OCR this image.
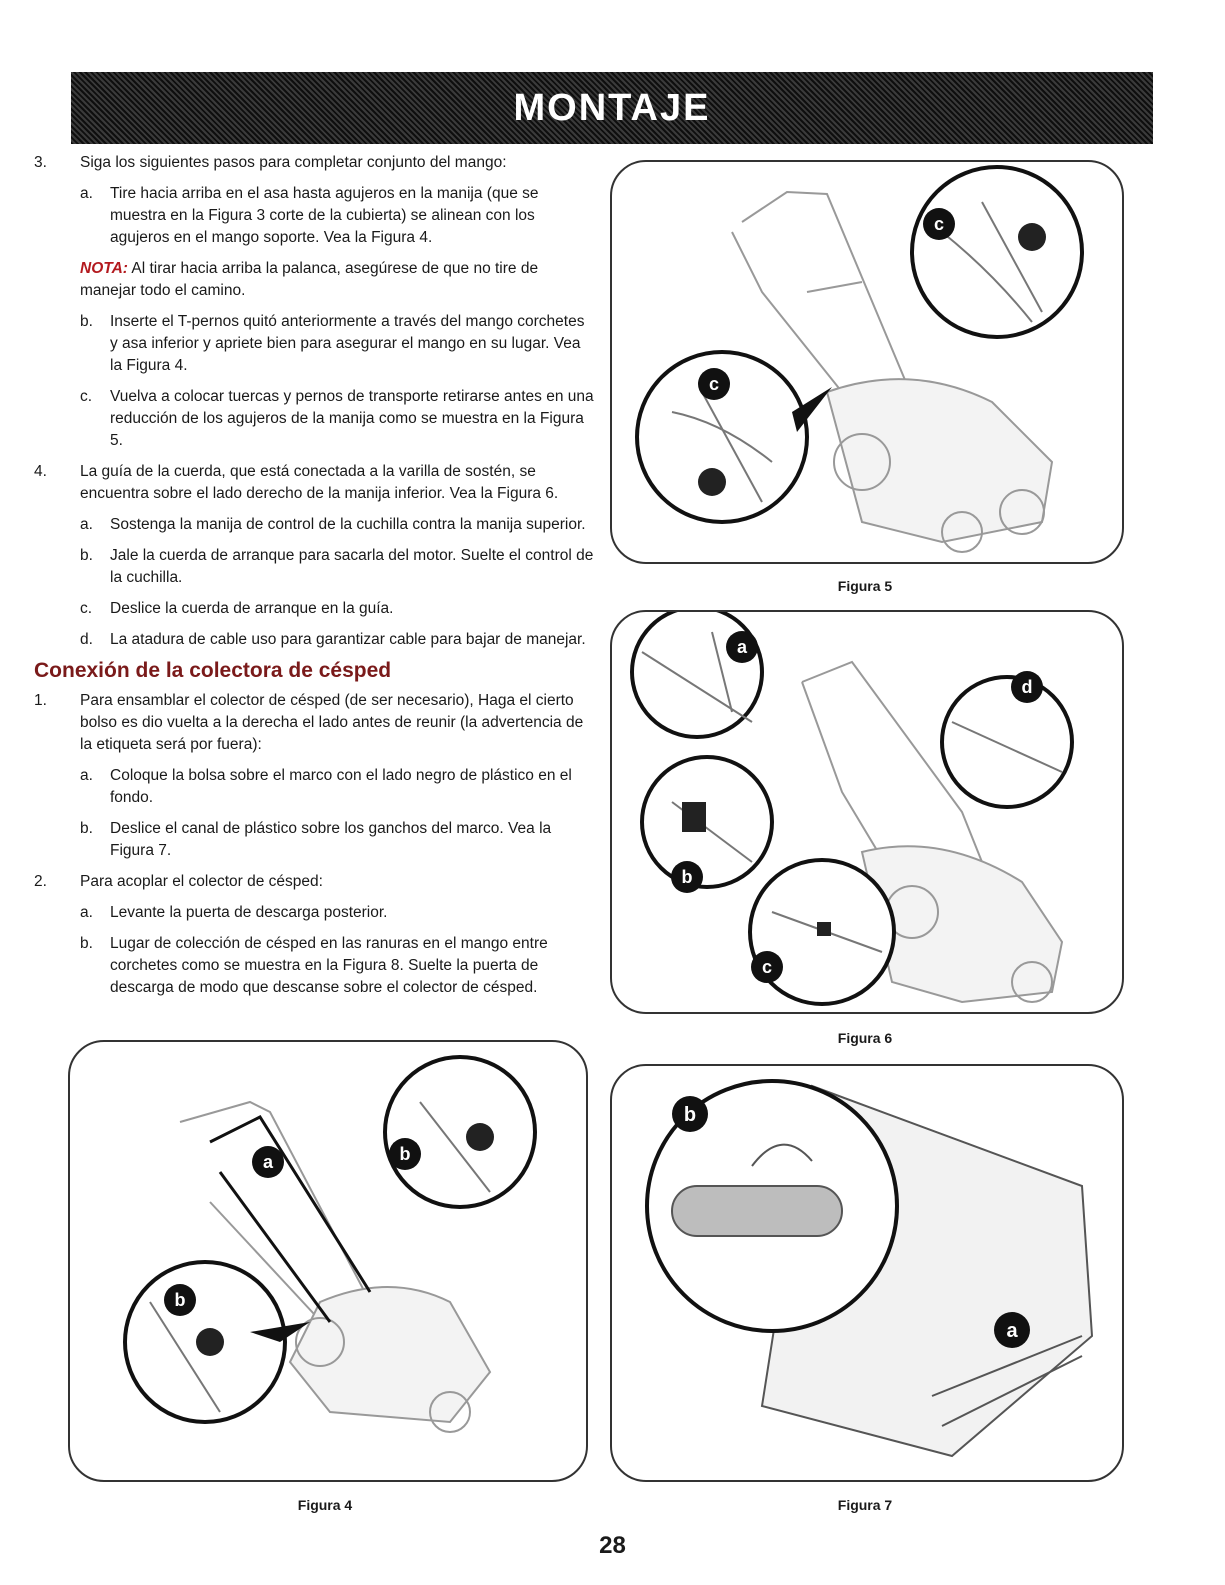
MONTAJE
3.	Siga los siguientes pasos para completar conjunto del mango:
a.	Tire hacia arriba en el asa hasta agujeros en la manija (que se muestra en la Figura 3 corte de la cubierta) se alinean con los agujeros en el mango soporte. Vea la Figura 4.
NOTA: Al tirar hacia arriba la palanca, asegúrese de que no tire de manejar todo el camino.
b.	Inserte el T-pernos quitó anteriormente a través del mango corchetes y asa inferior y apriete bien para asegurar el mango en su lugar. Vea la Figura 4.
c.	Vuelva a colocar tuercas y pernos de transporte retirarse antes en una reducción de los agujeros de la manija como se muestra en la Figura 5.
4.	La guía de la cuerda, que está conectada a la varilla de sostén, se encuentra sobre el lado derecho de la manija inferior. Vea la Figura 6.
a.	Sostenga la manija de control de la cuchilla contra la manija superior.
b.	Jale la cuerda de arranque para sacarla del motor. Suelte el control de la cuchilla.
c.	Deslice la cuerda de arranque en la guía.
d.	La atadura de cable uso para garantizar cable para bajar de manejar.
Conexión de la colectora de césped
1.	Para ensamblar el colector de césped (de ser necesario), Haga el cierto bolso es dio vuelta a la derecha el lado antes de reunir (la advertencia de la etiqueta será por fuera):
a.	Coloque la bolsa sobre el marco con el lado negro de plástico en el fondo.
b.	Deslice el canal de plástico sobre los ganchos del marco. Vea la Figura 7.
2.	Para acoplar el colector de césped:
a.	Levante la puerta de descarga posterior.
b.	Lugar de colección de césped en las ranuras en el mango entre corchetes como se muestra en la Figura 8. Suelte la puerta de descarga de modo que descanse sobre el colector de césped.
c
c
Figura 5
a
d
b
c
Figura 6
a	b
b
Figura 4
b
a
Figura 7
28
